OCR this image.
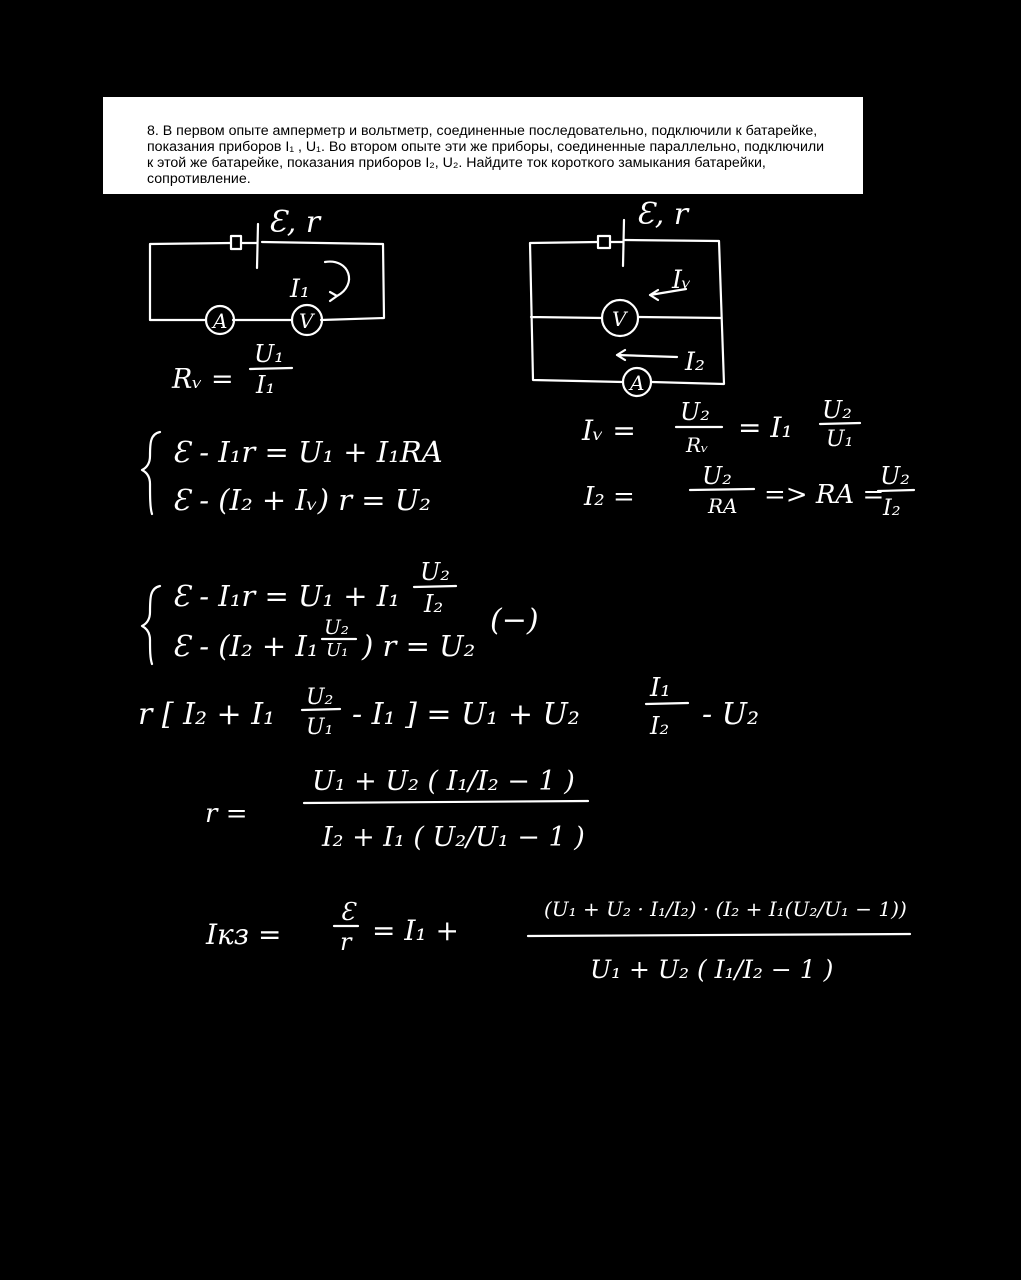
8. В первом опыте амперметр и вольтметр, соединенные последовательно, подключили к батарейке, показания приборов I₁ , U₁. Во втором опыте эти же приборы, соединенные параллельно, подключили к этой же батарейке, показания приборов I₂, U₂. Найдите ток короткого замыкания батарейки, сопротивление.

A	V
Ɛ, r
I₁
V
A
Ɛ, r
Iᵥ
I₂
Rᵥ =
U₁
I₁
Iᵥ =
U₂
Rᵥ
= I₁
U₂
U₁
I₂ =
U₂
RA => RA =
U₂
I₂
Ɛ - I₁r = U₁ + I₁RA
Ɛ - (I₂ + Iᵥ) r = U₂
Ɛ - I₁r = U₁ + I₁
U₂
I₂
Ɛ - (I₂ + I₁
U₂
U₁ ) r = U₂
(−)
r [ I₂ + I₁ U₂
U₁ - I₁ ] = U₁ + U₂
I₁
I₂ - U₂
r =
U₁ + U₂ ( I₁/I₂ − 1 )
I₂ + I₁ ( U₂/U₁ − 1 )
Iкз =
Ɛ
r = I₁ +
(U₁ + U₂ · I₁/I₂) · (I₂ + I₁(U₂/U₁ − 1))
U₁ + U₂ ( I₁/I₂ − 1 )
